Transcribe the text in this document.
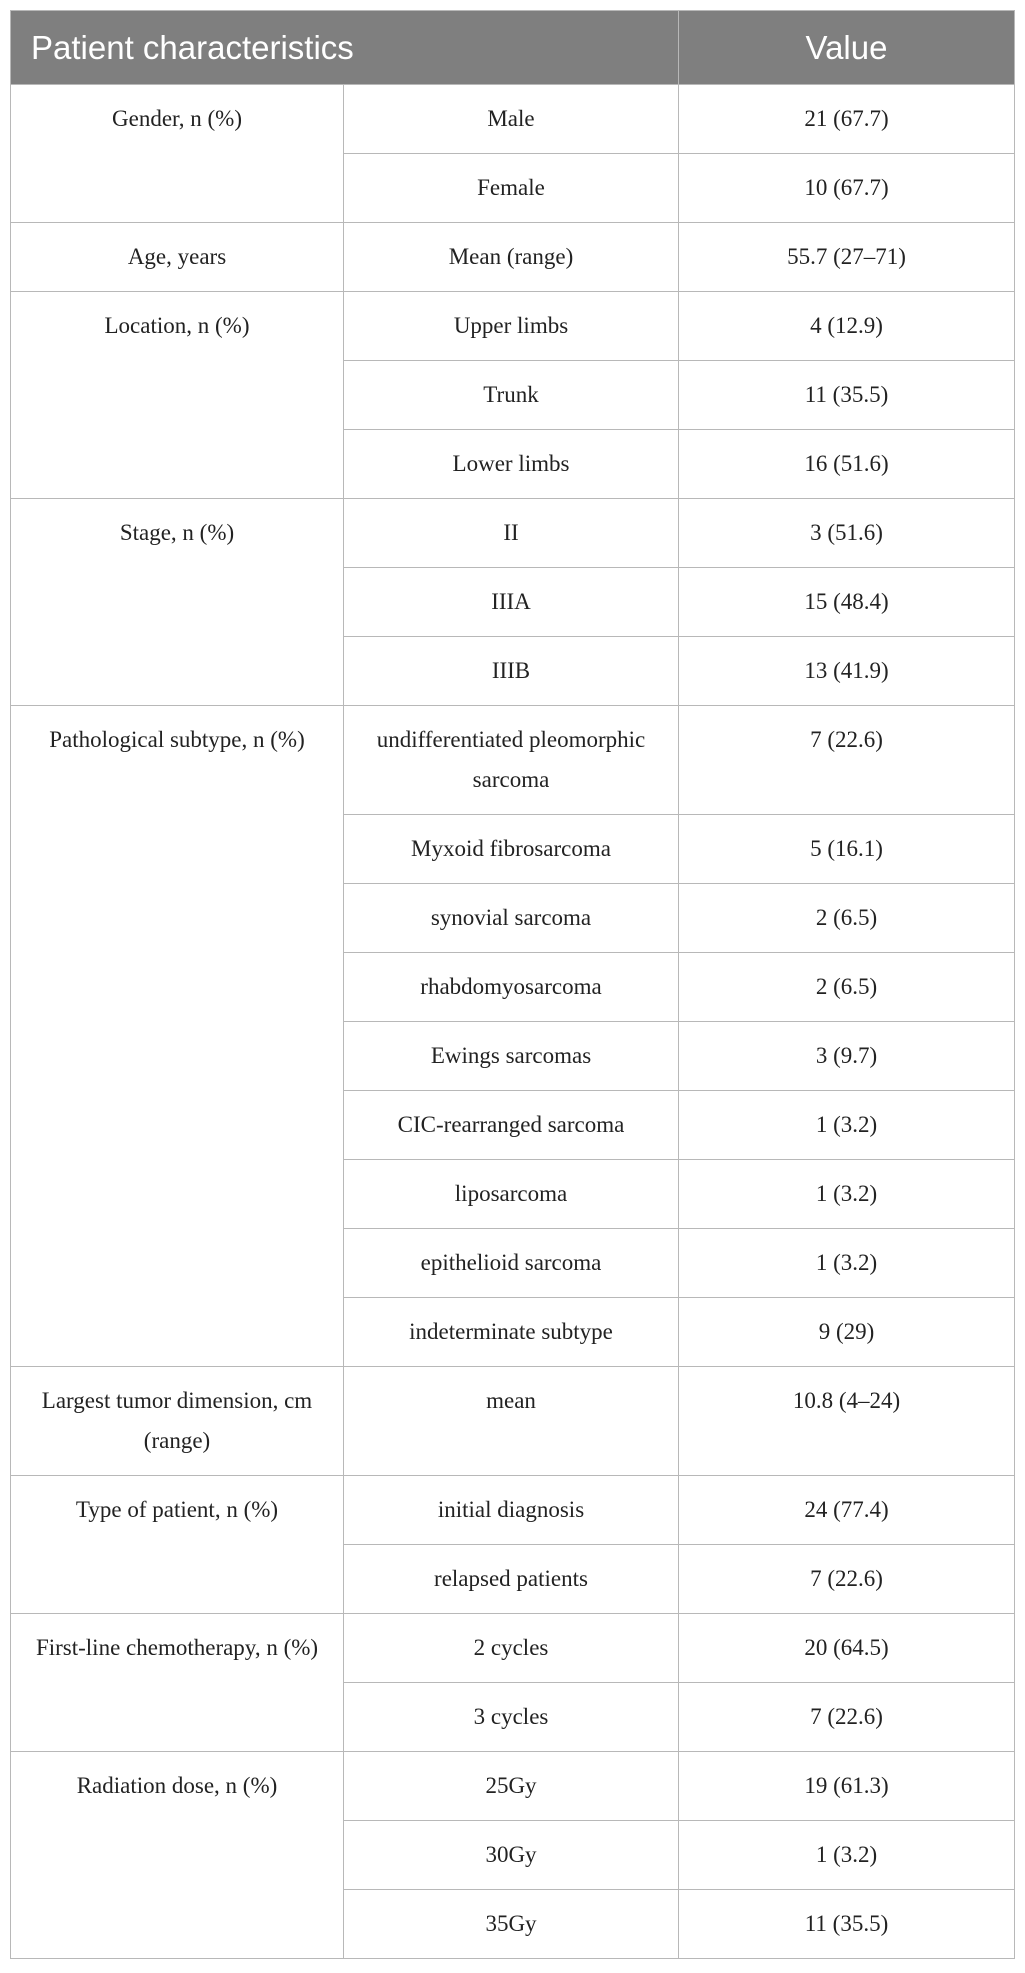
Patient characteristics		Value
Gender, n (%)	Male	21 (67.7)
	Female	10 (67.7)
Age, years	Mean (range)	55.7 (27–71)
Location, n (%)	Upper limbs	4 (12.9)
	Trunk	11 (35.5)
	Lower limbs	16 (51.6)
Stage, n (%)	II	3 (51.6)
	IIIA	15 (48.4)
	IIIB	13 (41.9)
Pathological subtype, n (%)	undifferentiated pleomorphic sarcoma	7 (22.6)
	Myxoid fibrosarcoma	5 (16.1)
	synovial sarcoma	2 (6.5)
	rhabdomyosarcoma	2 (6.5)
	Ewings sarcomas	3 (9.7)
	CIC-rearranged sarcoma	1 (3.2)
	liposarcoma	1 (3.2)
	epithelioid sarcoma	1 (3.2)
	indeterminate subtype	9 (29)
Largest tumor dimension, cm (range)	mean	10.8 (4–24)
Type of patient, n (%)	initial diagnosis	24 (77.4)
	relapsed patients	7 (22.6)
First-line chemotherapy, n (%)	2 cycles	20 (64.5)
	3 cycles	7 (22.6)
Radiation dose, n (%)	25Gy	19 (61.3)
	30Gy	1 (3.2)
	35Gy	11 (35.5)
